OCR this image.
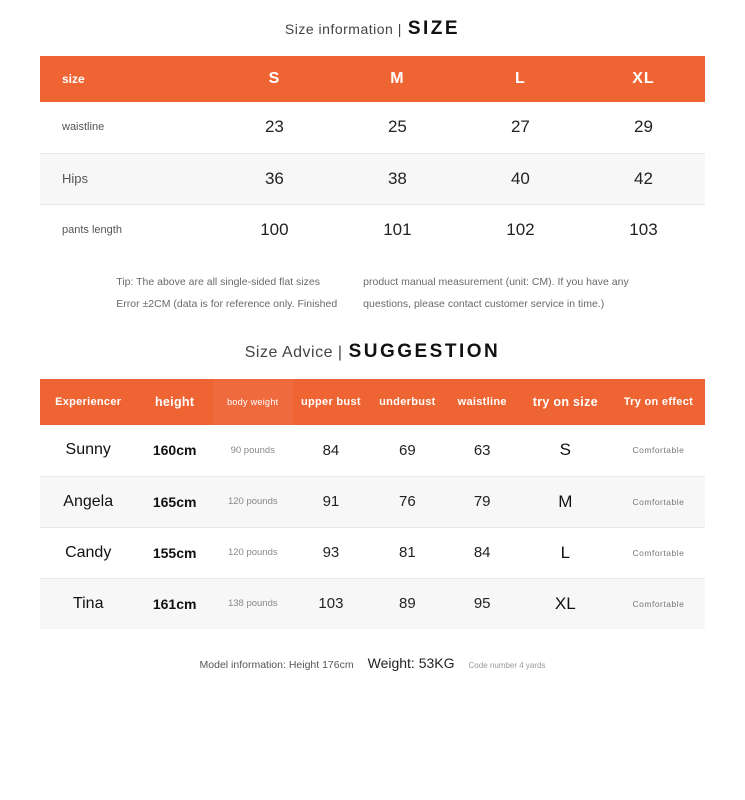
Size information | SIZE
size	S	M	L	XL
waistline	23	25	27	29
Hips	36	38	40	42
pants length	100	101	102	103

Tip: The above are all single-sided flat sizes

Error ±2CM (data is for reference only. Finished

product manual measurement (unit: CM). If you have any

questions, please contact customer service in time.)

Size Advice | SUGGESTION
Experiencer	height	body weight	upper bust	underbust	waistline	try on size	Try on effect
Sunny	160cm	90 pounds	84	69	63	S	Comfortable
Angela	165cm	120 pounds	91	76	79	M	Comfortable
Candy	155cm	120 pounds	93	81	84	L	Comfortable
Tina	161cm	138 pounds	103	89	95	XL	Comfortable
Model information: Height 176cm Weight: 53KG Code number 4 yards
